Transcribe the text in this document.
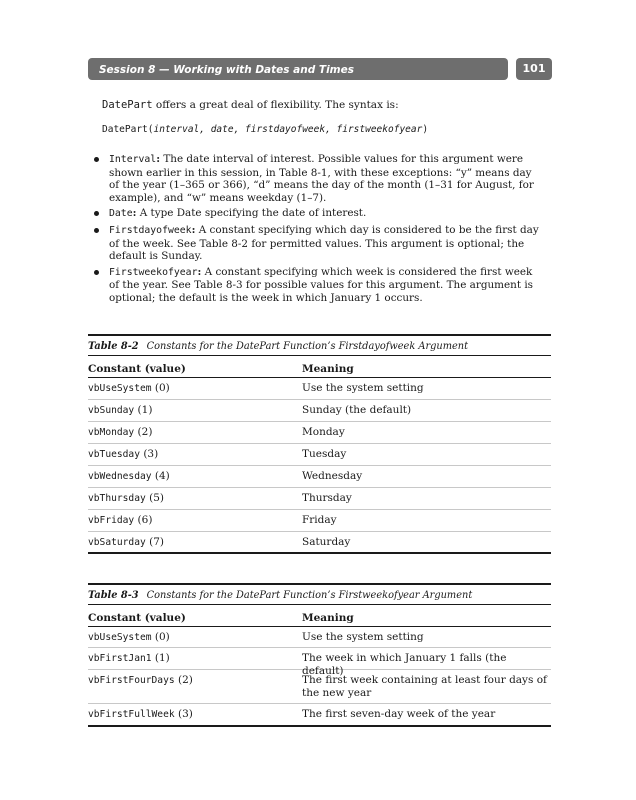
Session 8 — Working with Dates and Times	101
DatePart offers a great deal of flexibility. The syntax is:
DatePart(interval, date, firstdayofweek, firstweekofyear)
Interval: The date interval of interest. Possible values for this argument were shown earlier in this session, in Table 8-1, with these exceptions: “y” means day of the year (1–365 or 366), “d” means the day of the month (1–31 for August, for example), and “w” means weekday (1–7).
Date: A type Date specifying the date of interest.
Firstdayofweek: A constant specifying which day is considered to be the first day of the week. See Table 8-2 for permitted values. This argument is optional; the default is Sunday.
Firstweekofyear: A constant specifying which week is considered the first week of the year. See Table 8-3 for possible values for this argument. The argument is optional; the default is the week in which January 1 occurs.
Table 8-2 Constants for the DatePart Function’s Firstdayofweek Argument
Constant (value)	Meaning
vbUseSystem (0)	Use the system setting
vbSunday (1)	Sunday (the default)
vbMonday (2)	Monday
vbTuesday (3)	Tuesday
vbWednesday (4)	Wednesday
vbThursday (5)	Thursday
vbFriday (6)	Friday
vbSaturday (7)	Saturday
Table 8-3 Constants for the DatePart Function’s Firstweekofyear Argument
Constant (value)	Meaning
vbUseSystem (0)	Use the system setting
vbFirstJan1 (1)	The week in which January 1 falls (the default)
vbFirstFourDays (2)	The first week containing at least four days of the new year
vbFirstFullWeek (3)	The first seven-day week of the year
